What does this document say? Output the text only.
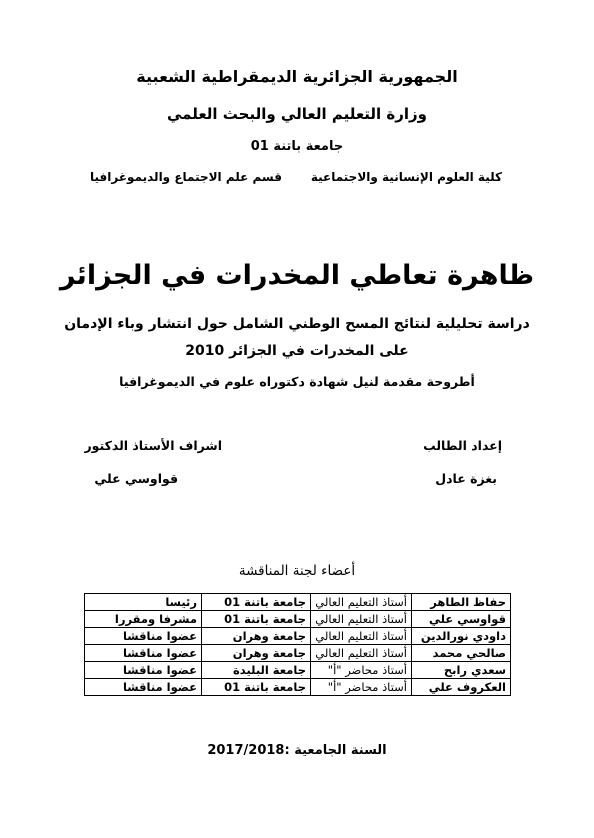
الجمهورية الجزائرية الديمقراطية الشعبية
وزارة التعليم العالي والبحث العلمي
جامعة باتنة 01
كلية العلوم الإنسانية والاجتماعية
قسم علم الاجتماع والديموغرافيا
ظاهرة تعاطي المخدرات في الجزائر
دراسة تحليلية لنتائج المسح الوطني الشامل حول انتشار وباء الإدمان
على المخدرات في الجزائر 2010
أطروحة مقدمة لنيل شهادة دكتوراه علوم في الديموغرافيا
إعداد الطالب
بغزة عادل
اشراف الأستاذ الدكتور
قواوسي علي
أعضاء لجنة المناقشة
حفاظ الطاهر	أستاذ التعليم العالي	جامعة باتنة 01	رئيسا
قواوسي علي	أستاذ التعليم العالي	جامعة باتنة 01	مشرفا ومقررا
داودي نورالدين	أستاذ التعليم العالي	جامعة وهران	عضوا مناقشا
صالحي محمد	أستاذ التعليم العالي	جامعة وهران	عضوا مناقشا
سعدي رابح	أستاذ محاضر "أ"	جامعة البليدة	عضوا مناقشا
العكروف علي	أستاذ محاضر "أ"	جامعة باتنة 01	عضوا مناقشا
السنة الجامعية :2017/2018
